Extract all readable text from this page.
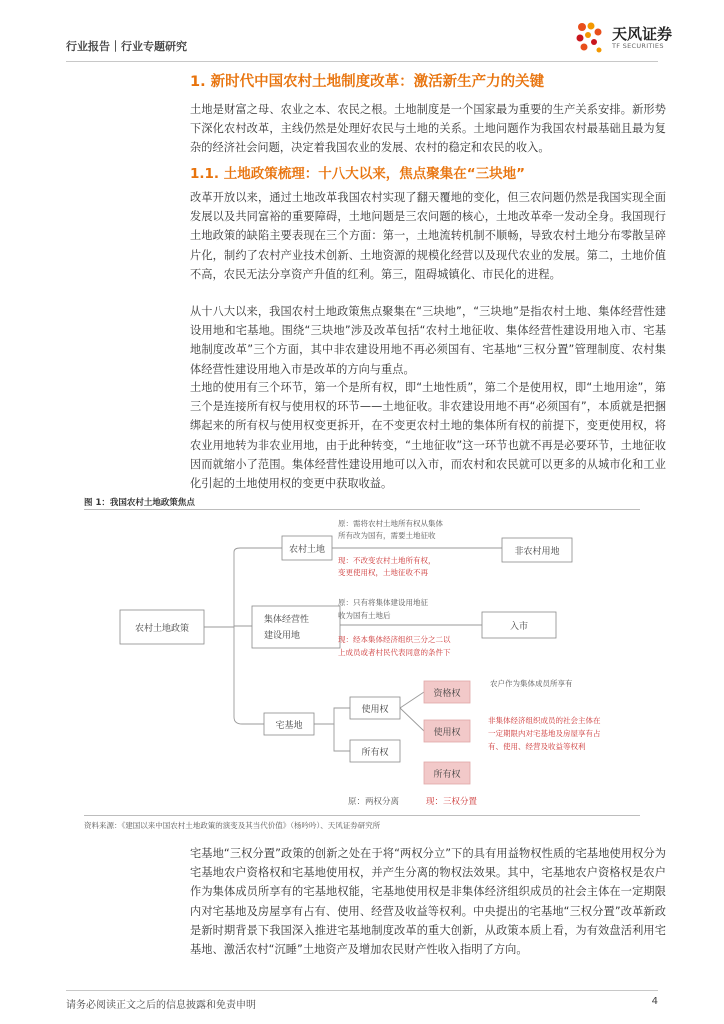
行业报告｜行业专题研究
天风证券
TF SECURITIES
1. 新时代中国农村土地制度改革：激活新生产力的关键

土地是财富之母、农业之本、农民之根。土地制度是一个国家最为重要的生产关系安排。新形势下深化农村改革，主线仍然是处理好农民与土地的关系。土地问题作为我国农村最基础且最为复杂的经济社会问题，决定着我国农业的发展、农村的稳定和农民的收入。

1.1. 土地政策梳理：十八大以来，焦点聚集在“三块地”

改革开放以来，通过土地改革我国农村实现了翻天覆地的变化，但三农问题仍然是我国实现全面发展以及共同富裕的重要障碍，土地问题是三农问题的核心，土地改革牵一发动全身。我国现行土地政策的缺陷主要表现在三个方面：第一，土地流转机制不顺畅，导致农村土地分布零散呈碎片化，制约了农村产业技术创新、土地资源的规模化经营以及现代农业的发展。第二，土地价值不高，农民无法分享资产升值的红利。第三，阻碍城镇化、市民化的进程。

从十八大以来，我国农村土地政策焦点聚集在“三块地”，“三块地”是指农村土地、集体经营性建设用地和宅基地。围绕“三块地”涉及改革包括“农村土地征收、集体经营性建设用地入市、宅基地制度改革”三个方面，其中非农建设用地不再必须国有、宅基地“三权分置”管理制度、农村集体经营性建设用地入市是改革的方向与重点。

土地的使用有三个环节，第一个是所有权，即“土地性质”，第二个是使用权，即“土地用途”，第三个是连接所有权与使用权的环节——土地征收。非农建设用地不再“必须国有”，本质就是把捆绑起来的所有权与使用权变更拆开，在不变更农村土地的集体所有权的前提下，变更使用权，将农业用地转为非农业用地，由于此种转变，“土地征收”这一环节也就不再是必要环节，土地征收因而就缩小了范围。集体经营性建设用地可以入市，而农村和农民就可以更多的从城市化和工业化引起的土地使用权的变更中获取收益。

图 1：我国农村土地政策焦点
农村土地政策
农村土地
集体经营性
建设用地
宅基地
非农村用地
入市
使用权
所有权
资格权
使用权
所有权
原：需将农村土地所有权从集体
所有改为国有，需要土地征收
现：不改变农村土地所有权，
变更使用权，土地征收不再
原：只有将集体建设用地征
收为国有土地后
现：经本集体经济组织三分之二以
上成员或者村民代表同意的条件下
农户作为集体成员所享有
非集体经济组织成员的社会主体在
一定期限内对宅基地及房屋享有占
有、使用、经营及收益等权利
原：两权分离	现：三权分置
资料来源：《建国以来中国农村土地政策的演变及其当代价值》（杨吟吟）、天风证券研究所

宅基地“三权分置”政策的创新之处在于将“两权分立”下的具有用益物权性质的宅基地使用权分为宅基地农户资格权和宅基地使用权，并产生分离的物权法效果。其中，宅基地农户资格权是农户作为集体成员所享有的宅基地权能，宅基地使用权是非集体经济组织成员的社会主体在一定期限内对宅基地及房屋享有占有、使用、经营及收益等权利。中央提出的宅基地“三权分置”改革新政是新时期背景下我国深入推进宅基地制度改革的重大创新，从政策本质上看，为有效盘活利用宅基地、激活农村“沉睡”土地资产及增加农民财产性收入指明了方向。

请务必阅读正文之后的信息披露和免责申明	4
